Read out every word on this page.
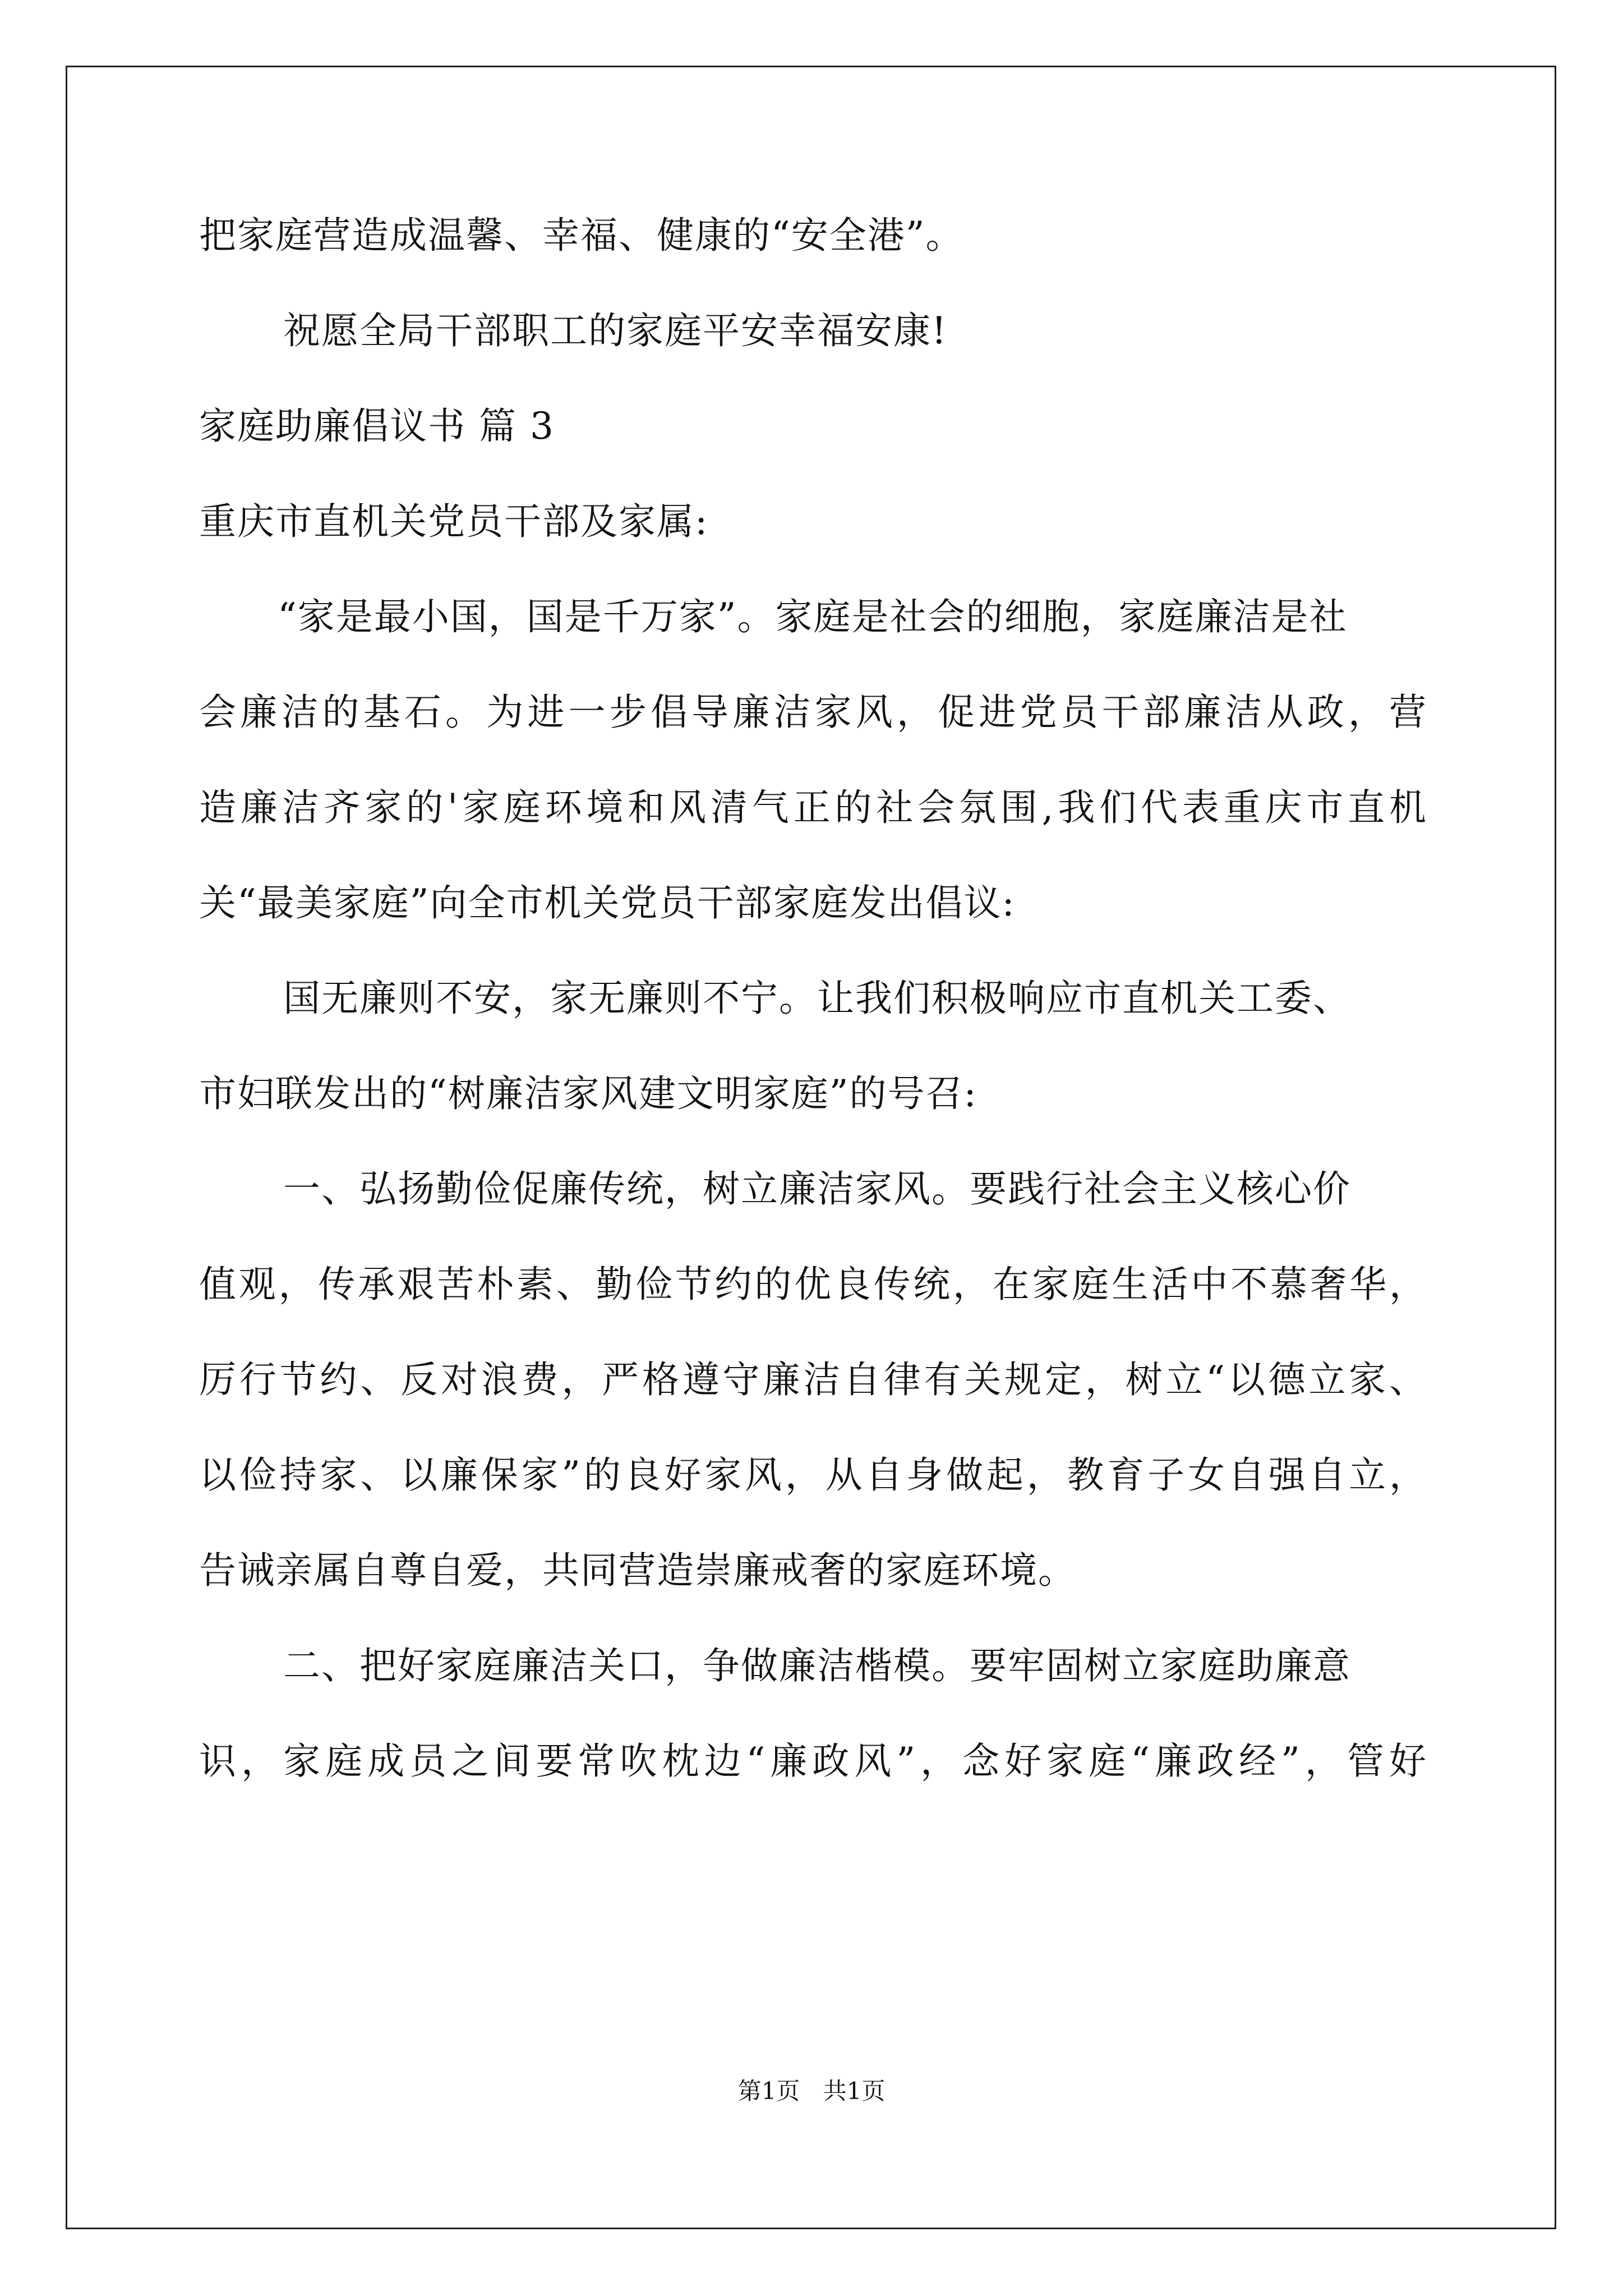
把家庭营造成温馨、幸福、健康的“安全港”。
祝愿全局干部职工的家庭平安幸福安康!
家庭助廉倡议书 篇 3
重庆市直机关党员干部及家属:
“家是最小国，国是千万家”。家庭是社会的细胞，家庭廉洁是社
会廉洁的基石。为进一步倡导廉洁家风，促进党员干部廉洁从政，营
造廉洁齐家的'家庭环境和风清气正的社会氛围,我们代表重庆市直机
关“最美家庭”向全市机关党员干部家庭发出倡议:
国无廉则不安，家无廉则不宁。让我们积极响应市直机关工委、
市妇联发出的“树廉洁家风建文明家庭”的号召:
一、弘扬勤俭促廉传统，树立廉洁家风。要践行社会主义核心价
值观，传承艰苦朴素、勤俭节约的优良传统，在家庭生活中不慕奢华，
厉行节约、反对浪费，严格遵守廉洁自律有关规定，树立“以德立家、
以俭持家、以廉保家”的良好家风，从自身做起，教育子女自强自立，
告诫亲属自尊自爱，共同营造崇廉戒奢的家庭环境。
二、把好家庭廉洁关口，争做廉洁楷模。要牢固树立家庭助廉意
识，家庭成员之间要常吹枕边“廉政风”，念好家庭“廉政经”，管好
第1页 共1页
